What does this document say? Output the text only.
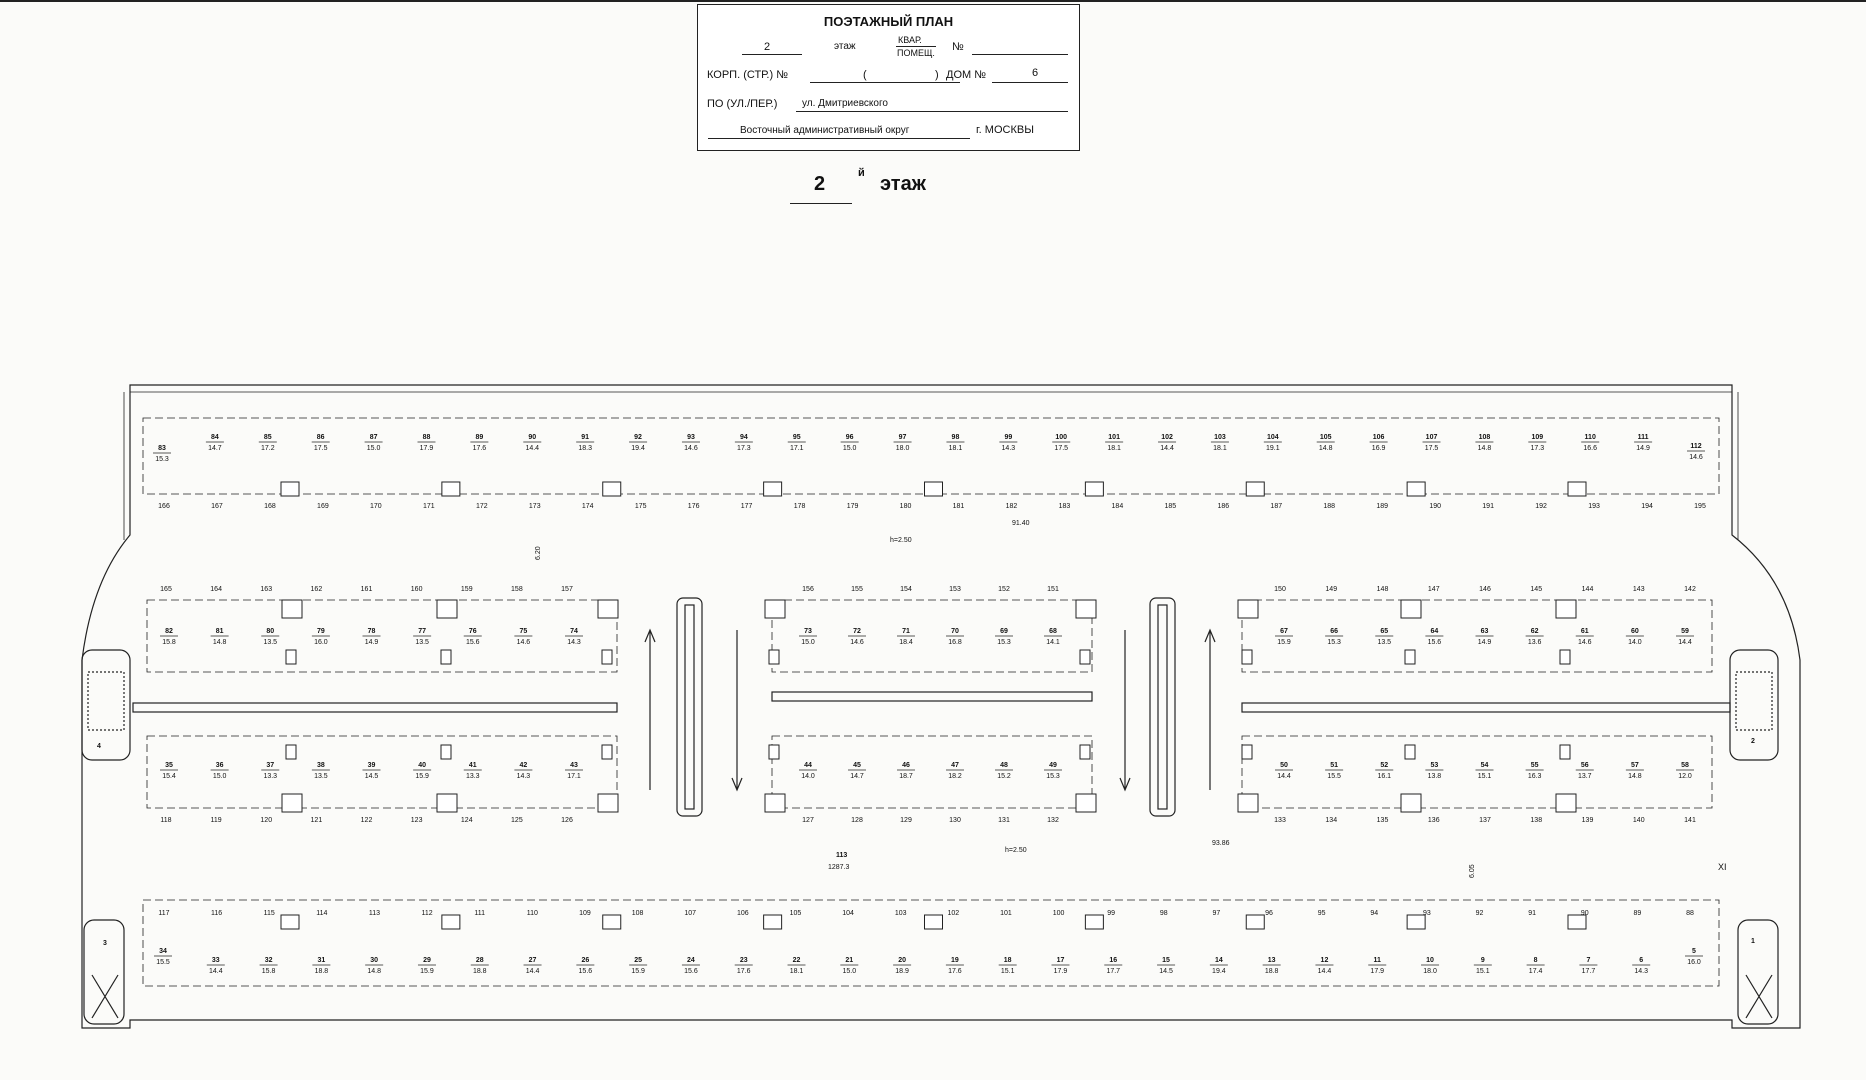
ПОЭТАЖНЫЙ ПЛАН
2	этаж
КВАР.
ПОМЕЩ. №
КОРП. (СТР.) №	(	) ДОМ №	6
ПО (УЛ./ПЕР.) ул. Дмитриевского
Восточный административный округ	г. МОСКВЫ
2	й этаж
83
15.3
84
14.7
85
17.2
86
17.5
87
15.0
88
17.9
89
17.6
90
14.4
91
18.3
92
19.4
93
14.6
94
17.3
95
17.1
96
15.0
97
18.0
98
18.1
99
14.3
100
17.5
101
18.1
102
14.4
103
18.1
104
19.1
105
14.8
106
16.9
107
17.5
108
14.8
109
17.3
110
16.6
111
14.9	112
14.6
34
15.5	33
14.4
32
15.8
31
18.8
30
14.8
29
15.9
28
18.8
27
14.4
26
15.6
25
15.9
24
15.6
23
17.6
22
18.1
21
15.0
20
18.9
19
17.6
18
15.1
17
17.9
16
17.7
15
14.5
14
19.4
13
18.8
12
14.4
11
17.9
10
18.0
9
15.1
8
17.4
7
17.7
6
14.3
5
16.0
82
15.8
81
14.8
80
13.5
79
16.0
78
14.9
77
13.5
76
15.6
75
14.6
74
14.3
73
15.0
72
14.6
71
18.4
70
16.8
69
15.3
68
14.1
67
15.9
66
15.3
65
13.5
64
15.6
63
14.9
62
13.6
61
14.6
60
14.0
59
14.4
35
15.4
36
15.0
37
13.3
38
13.5
39
14.5
40
15.9
41
13.3
42
14.3
43
17.1
44
14.0
45
14.7
46
18.7
47
18.2
48
15.2
49
15.3
50
14.4
51
15.5
52
16.1
53
13.8
54
15.1
55
16.3
56
13.7
57
14.8
58
12.0
166	167	168	169	170	171	172	173	174	175	176	177	178	179	180	181	182	183	184	185	186	187	188	189	190	191	192	193	194	195
165	164	163	162	161	160	159	158	157	156	155	154	153	152	151	150	149	148	147	146	145	144	143	142
118	119	120	121	122	123	124	125	126	127	128	129	130	131	132	133	134	135	136	137	138	139	140	141
117	116	115	114	113	112	111	110	109	108	107	106	105	104	103	102	101	100	99	98	97	96	95	94	93	92	91	90	89	88
h=2.50
h=2.50
91.40
93.86
6.20
6.05
113
1287.3	XI
2
4
1
3
